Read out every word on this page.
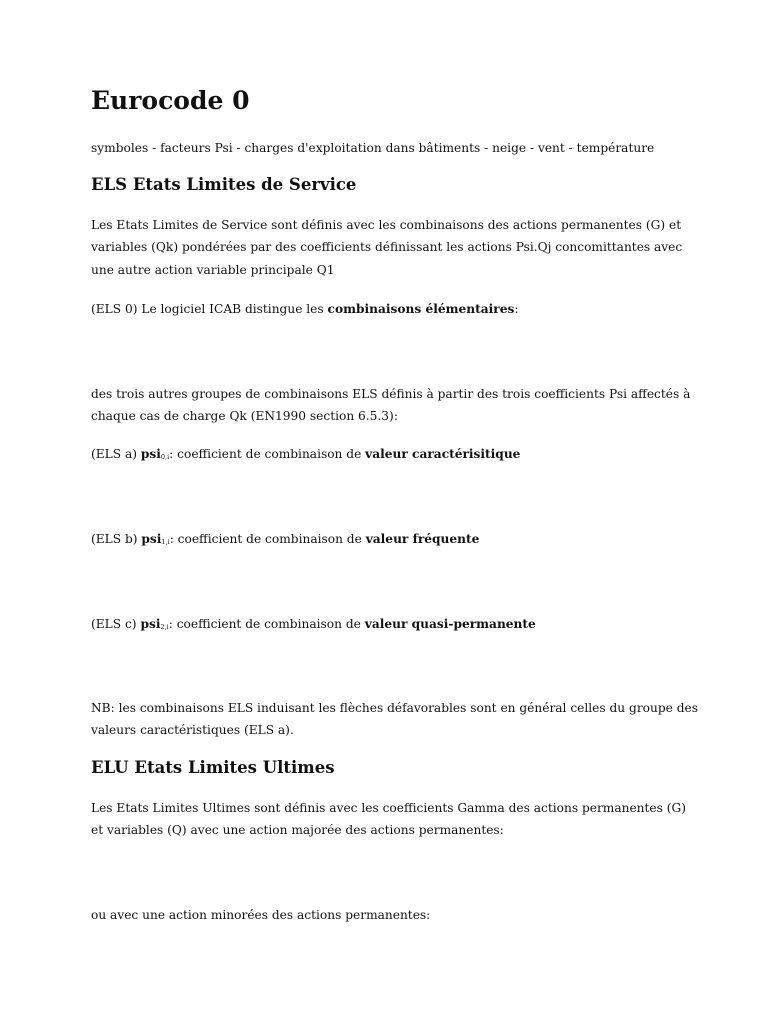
Eurocode 0

symboles - facteurs Psi - charges d'exploitation dans bâtiments - neige - vent - température

ELS Etats Limites de Service

Les Etats Limites de Service sont définis avec les combinaisons des actions permanentes (G) et

variables (Qk) pondérées par des coefficients définissant les actions Psi.Qj concomittantes avec

une autre action variable principale Q1

(ELS 0) Le logiciel ICAB distingue les combinaisons élémentaires:

des trois autres groupes de combinaisons ELS définis à partir des trois coefficients Psi affectés à

chaque cas de charge Qk (EN1990 section 6.5.3):

(ELS a) psi0,i: coefficient de combinaison de valeur caractérisitique

(ELS b) psi1,i: coefficient de combinaison de valeur fréquente

(ELS c) psi2,i: coefficient de combinaison de valeur quasi-permanente

NB: les combinaisons ELS induisant les flèches défavorables sont en général celles du groupe des

valeurs caractéristiques (ELS a).

ELU Etats Limites Ultimes

Les Etats Limites Ultimes sont définis avec les coefficients Gamma des actions permanentes (G)

et variables (Q) avec une action majorée des actions permanentes:

ou avec une action minorées des actions permanentes:
